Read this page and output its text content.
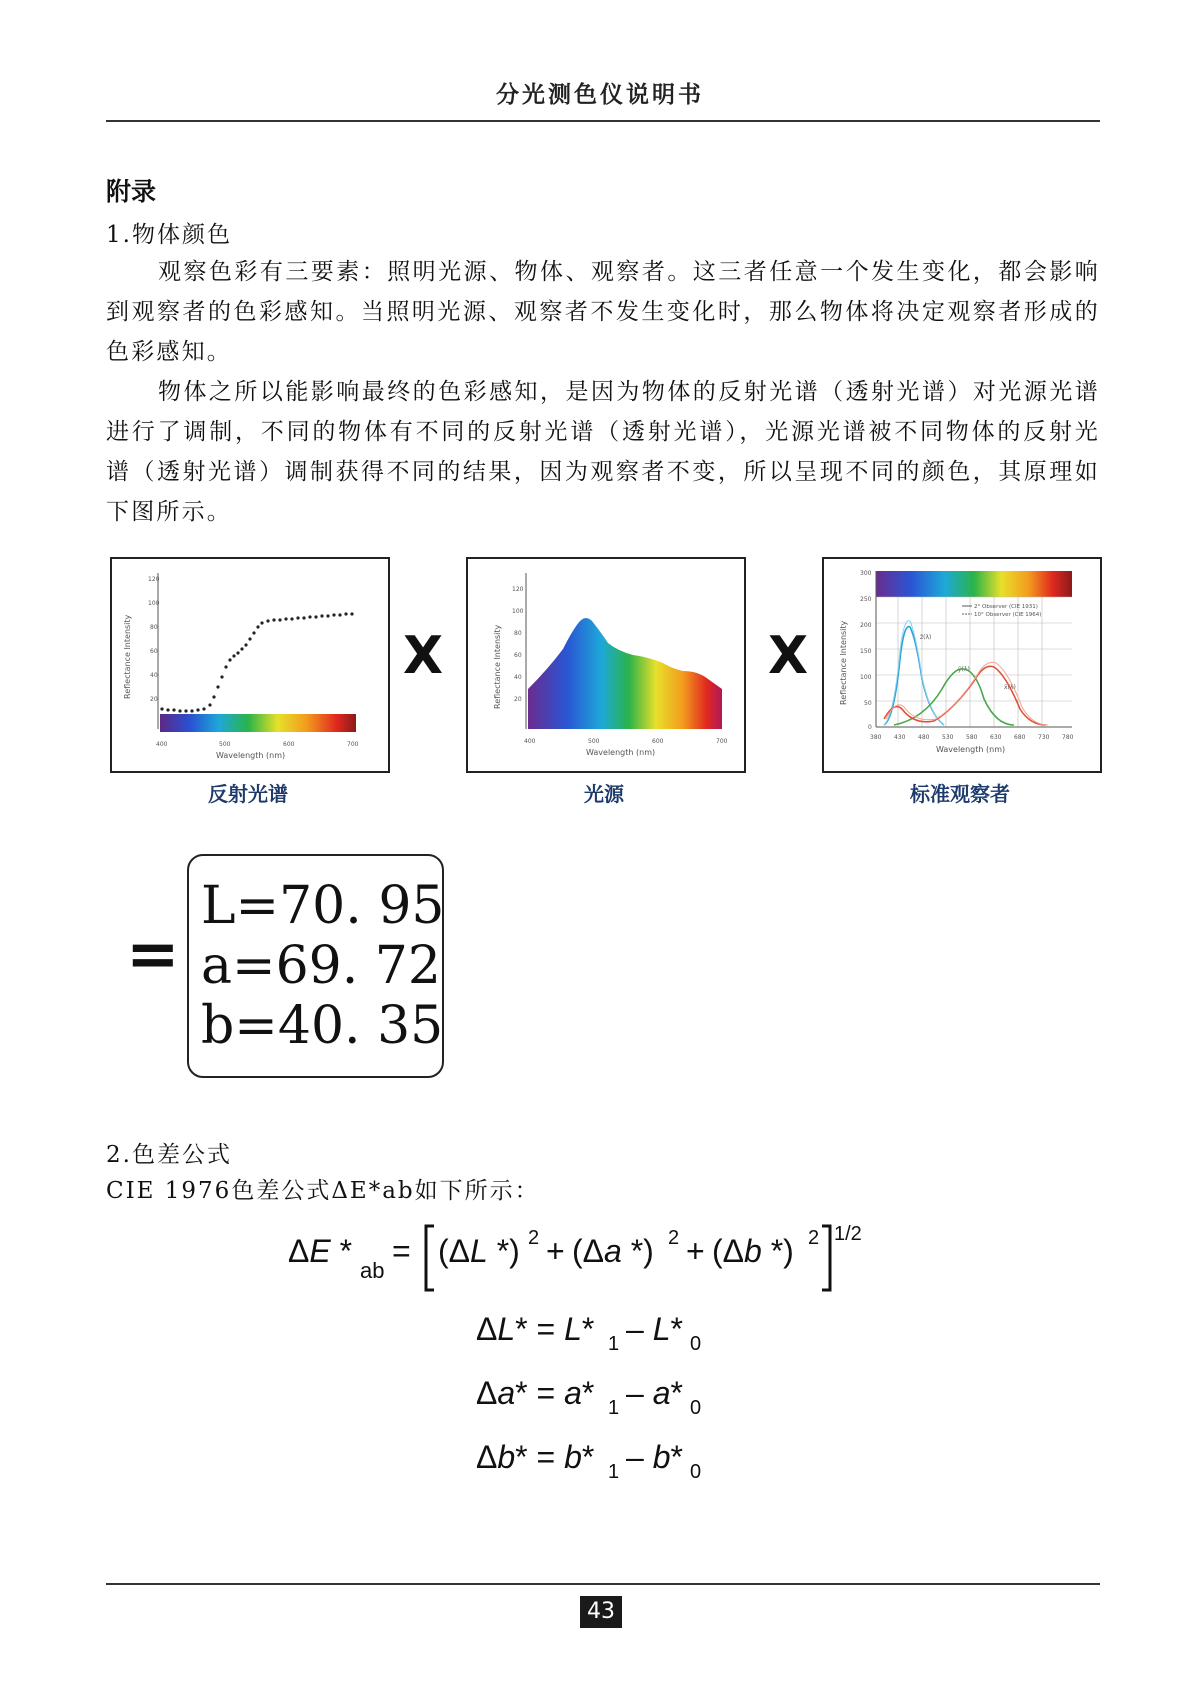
分光测色仪说明书
附录
1.物体颜色

观察色彩有三要素：照明光源、物体、观察者。这三者任意一个发生变化，都会影响到观察者的色彩感知。当照明光源、观察者不发生变化时，那么物体将决定观察者形成的色彩感知。

物体之所以能影响最终的色彩感知，是因为物体的反射光谱（透射光谱）对光源光谱进行了调制，不同的物体有不同的反射光谱（透射光谱），光源光谱被不同物体的反射光谱（透射光谱）调制获得不同的结果，因为观察者不变，所以呈现不同的颜色，其原理如下图所示。

120
100
80
60
40
20
400	500	600	700
Wavelength (nm)
Reflectance Intensity	X
120
100
80
60
40
20
400	500	600	700
Wavelength (nm)
Reflectance Intensity	X
300
250
200
150
100
50
0
380 430 480 530 580 630 680 730 780
Wavelength (nm)
Reflectance Intensity
2° Observer (CIE 1931)
10° Observer (CIE 1964)
z̄(λ)
ȳ(λ)
x̄(λ)
反射光谱	光源	标准观察者
=
L=70. 95
a=69. 72
b=40. 35
2.色差公式
CIE 1976色差公式ΔE*ab如下所示：
ΔE *
ab
= (ΔL *) 2 + (Δa *) 2 + (Δb *) 2 1/2
ΔL* = L* 1 – L* 0
Δa* = a* 1 – a* 0
Δb* = b* 1 – b* 0
43
